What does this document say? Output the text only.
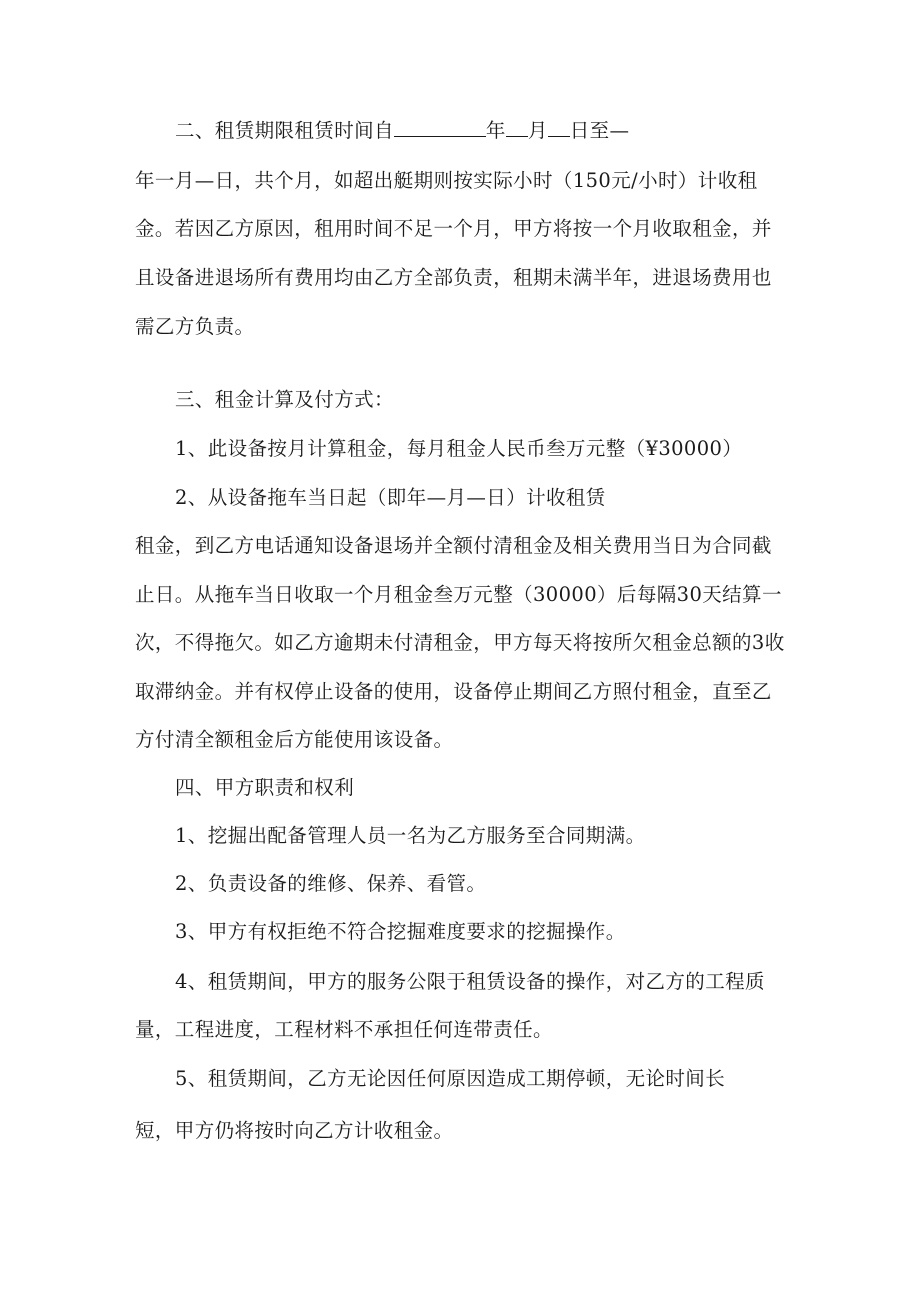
二、租赁期限租赁时间自	年 月 日至—
年一月—日，共个月，如超出艇期则按实际小时（150元/小时）计收租
金。若因乙方原因，租用时间不足一个月，甲方将按一个月收取租金，并
且设备进退场所有费用均由乙方全部负责，租期未满半年，进退场费用也
需乙方负责。
三、租金计算及付方式：
1、此设备按月计算租金，每月租金人民币叁万元整（¥30000）
2、从设备拖车当日起（即年—月—日）计收租赁
租金，到乙方电话通知设备退场并全额付清租金及相关费用当日为合同截
止日。从拖车当日收取一个月租金叁万元整（30000）后每隔30天结算一
次，不得拖欠。如乙方逾期未付清租金，甲方每天将按所欠租金总额的3收
取滞纳金。并有权停止设备的使用，设备停止期间乙方照付租金，直至乙
方付清全额租金后方能使用该设备。
四、甲方职责和权利
1、挖掘出配备管理人员一名为乙方服务至合同期满。
2、负责设备的维修、保养、看管。
3、甲方有权拒绝不符合挖掘难度要求的挖掘操作。
4、租赁期间，甲方的服务公限于租赁设备的操作，对乙方的工程质
量，工程进度，工程材料不承担任何连带责任。
5、租赁期间，乙方无论因任何原因造成工期停顿，无论时间长
短，甲方仍将按时向乙方计收租金。
